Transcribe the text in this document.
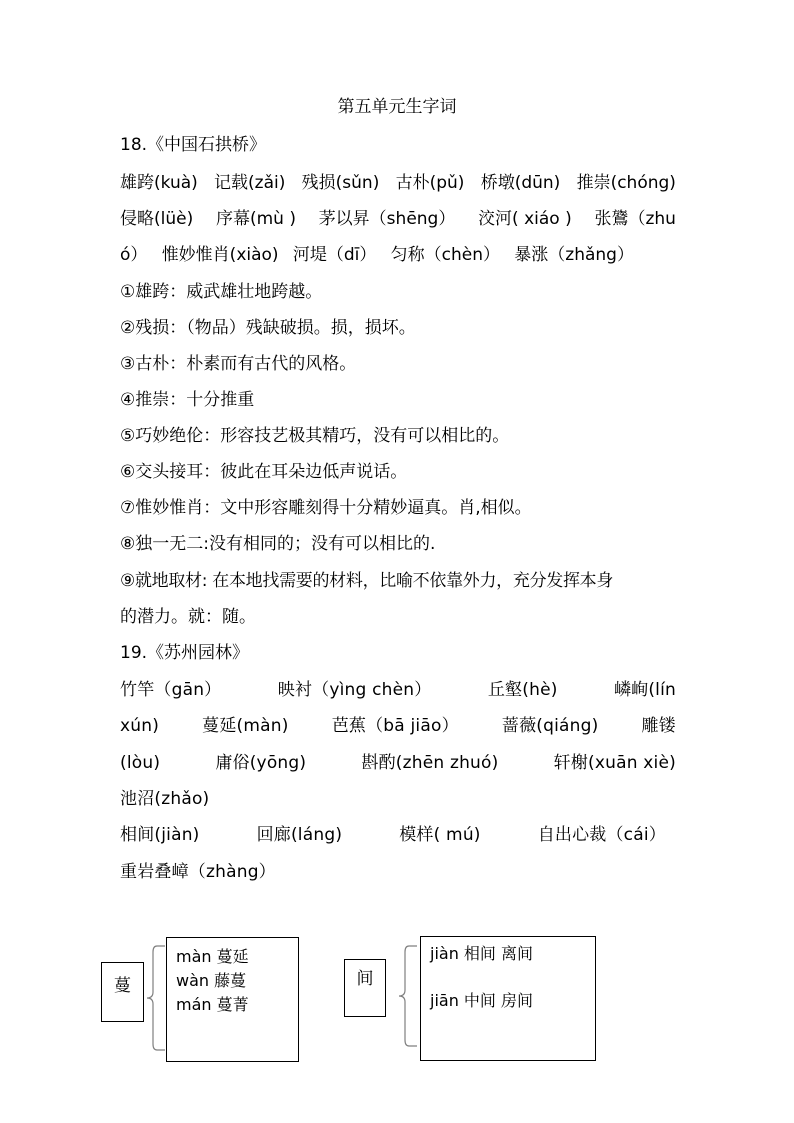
第五单元生字词
18.《中国石拱桥》
雄跨(kuà) 记载(zǎi) 残损(sǔn) 古朴(pǔ) 桥墩(dūn) 推崇(chóng)
侵略(lüè) 序幕(mù ) 茅以昇（shēng） 洨河( xiáo ) 张鷟（zhu
ó） 惟妙惟肖(xiào) 河堤（dī） 匀称（chèn） 暴涨（zhǎng）
①雄跨：威武雄壮地跨越。
②残损：（物品）残缺破损。损，损坏。
③古朴：朴素而有古代的风格。
④推崇：十分推重
⑤巧妙绝伦：形容技艺极其精巧，没有可以相比的。
⑥交头接耳：彼此在耳朵边低声说话。
⑦惟妙惟肖：文中形容雕刻得十分精妙逼真。肖,相似。
⑧独一无二:没有相同的；没有可以相比的.
⑨就地取材: 在本地找需要的材料，比喻不依靠外力，充分发挥本身
的潜力。就：随。
19.《苏州园林》
竹竿（gān）	映衬（yìng chèn）	丘壑(hè)	嶙峋(lín
xún)	蔓延(màn)	芭蕉（bā jiāo）	蔷薇(qiáng)	雕镂
(lòu)	庸俗(yōng)	斟酌(zhēn zhuó)	轩榭(xuān xiè)
池沼(zhǎo)
相间(jiàn)	回廊(láng)	模样( mú)	自出心裁（cái）
重岩叠嶂（zhàng）
蔓
màn 蔓延
wàn 藤蔓
mán 蔓菁
间
jiàn 相间 离间
jiān 中间 房间
